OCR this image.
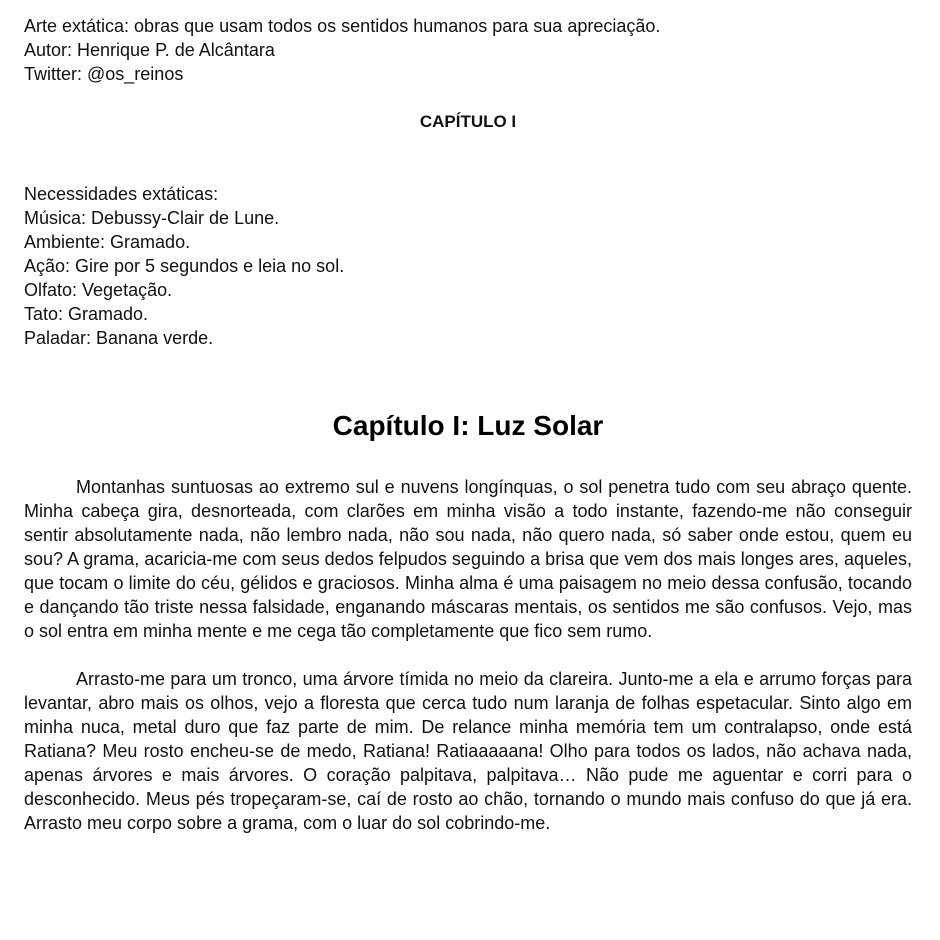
Arte extática: obras que usam todos os sentidos humanos para sua apreciação.

Autor: Henrique P. de Alcântara

Twitter: @os_reinos

CAPÍTULO I

Necessidades extáticas:

Música: Debussy-Clair de Lune.

Ambiente: Gramado.

Ação: Gire por 5 segundos e leia no sol.

Olfato: Vegetação.

Tato: Gramado.

Paladar: Banana verde.

Capítulo I: Luz Solar

Montanhas suntuosas ao extremo sul e nuvens longínquas, o sol penetra tudo com seu abraço quente. Minha cabeça gira, desnorteada, com clarões em minha visão a todo instante, fazendo-me não conseguir sentir absolutamente nada, não lembro nada, não sou nada, não quero nada, só saber onde estou, quem eu sou? A grama, acaricia-me com seus dedos felpudos seguindo a brisa que vem dos mais longes ares, aqueles, que tocam o limite do céu, gélidos e graciosos. Minha alma é uma paisagem no meio dessa confusão, tocando e dançando tão triste nessa falsidade, enganando máscaras mentais, os sentidos me são confusos. Vejo, mas o sol entra em minha mente e me cega tão completamente que fico sem rumo.

Arrasto-me para um tronco, uma árvore tímida no meio da clareira. Junto-me a ela e arrumo forças para levantar, abro mais os olhos, vejo a floresta que cerca tudo num laranja de folhas espetacular. Sinto algo em minha nuca, metal duro que faz parte de mim. De relance minha memória tem um contralapso, onde está Ratiana? Meu rosto encheu-se de medo, Ratiana! Ratiaaaaana! Olho para todos os lados, não achava nada, apenas árvores e mais árvores. O coração palpitava, palpitava… Não pude me aguentar e corri para o desconhecido. Meus pés tropeçaram-se, caí de rosto ao chão, tornando o mundo mais confuso do que já era. Arrasto meu corpo sobre a grama, com o luar do sol cobrindo-me.
